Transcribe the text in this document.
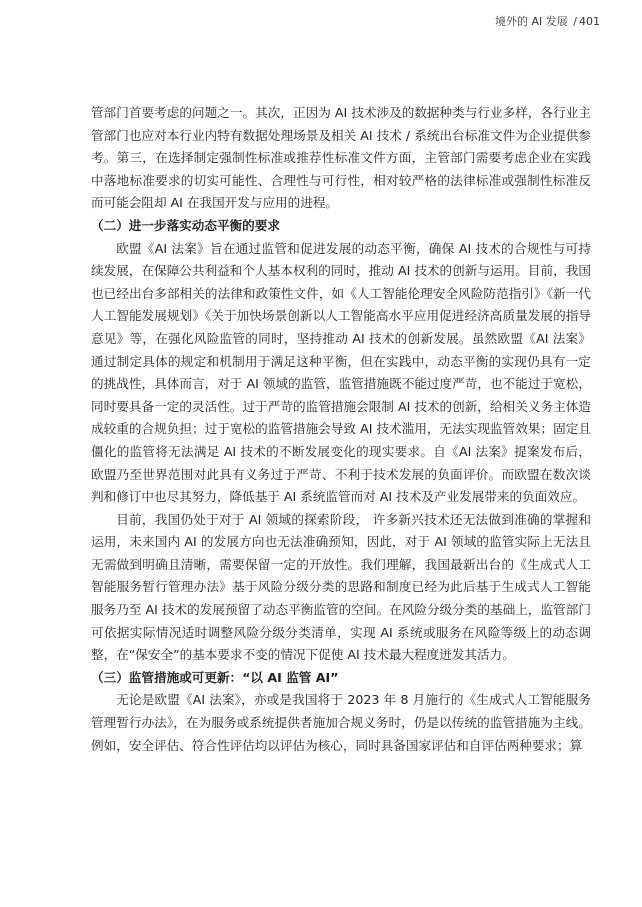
境外的 AI 发展 / 401

管部门首要考虑的问题之一。其次，正因为 AI 技术涉及的数据种类与行业多样，各行业主管部门也应对本行业内特有数据处理场景及相关 AI 技术 / 系统出台标准文件为企业提供参考。第三，在选择制定强制性标准或推荐性标准文件方面，主管部门需要考虑企业在实践中落地标准要求的切实可能性、合理性与可行性，相对较严格的法律标准或强制性标准反而可能会阻却 AI 在我国开发与应用的进程。

（二）进一步落实动态平衡的要求

欧盟《AI 法案》旨在通过监管和促进发展的动态平衡，确保 AI 技术的合规性与可持续发展，在保障公共利益和个人基本权利的同时，推动 AI 技术的创新与运用。目前，我国也已经出台多部相关的法律和政策性文件，如《人工智能伦理安全风险防范指引》《新一代人工智能发展规划》《关于加快场景创新以人工智能高水平应用促进经济高质量发展的指导意见》等，在强化风险监管的同时，坚持推动 AI 技术的创新发展。虽然欧盟《AI 法案》通过制定具体的规定和机制用于满足这种平衡，但在实践中，动态平衡的实现仍具有一定的挑战性，具体而言，对于 AI 领域的监管，监管措施既不能过度严苛，也不能过于宽松，同时要具备一定的灵活性。过于严苛的监管措施会限制 AI 技术的创新，给相关义务主体造成较重的合规负担；过于宽松的监管措施会导致 AI 技术滥用，无法实现监管效果；固定且僵化的监管将无法满足 AI 技术的不断发展变化的现实要求。自《AI 法案》提案发布后，欧盟乃至世界范围对此具有义务过于严苛、不利于技术发展的负面评价。而欧盟在数次谈判和修订中也尽其努力，降低基于 AI 系统监管而对 AI 技术及产业发展带来的负面效应。

目前，我国仍处于对于 AI 领域的探索阶段， 许多新兴技术还无法做到准确的掌握和运用，未来国内 AI 的发展方向也无法准确预知，因此，对于 AI 领域的监管实际上无法且无需做到明确且清晰，需要保留一定的开放性。我们理解，我国最新出台的《生成式人工智能服务暂行管理办法》基于风险分级分类的思路和制度已经为此后基于生成式人工智能服务乃至 AI 技术的发展预留了动态平衡监管的空间。在风险分级分类的基础上，监管部门可依据实际情况适时调整风险分级分类清单，实现 AI 系统或服务在风险等级上的动态调整，在“保安全”的基本要求不变的情况下促使 AI 技术最大程度迸发其活力。

（三）监管措施或可更新：“以 AI 监管 AI”

无论是欧盟《AI 法案》，亦或是我国将于 2023 年 8 月施行的《生成式人工智能服务管理暂行办法》，在为服务或系统提供者施加合规义务时，仍是以传统的监管措施为主线。例如，安全评估、符合性评估均以评估为核心，同时具备国家评估和自评估两种要求；算
